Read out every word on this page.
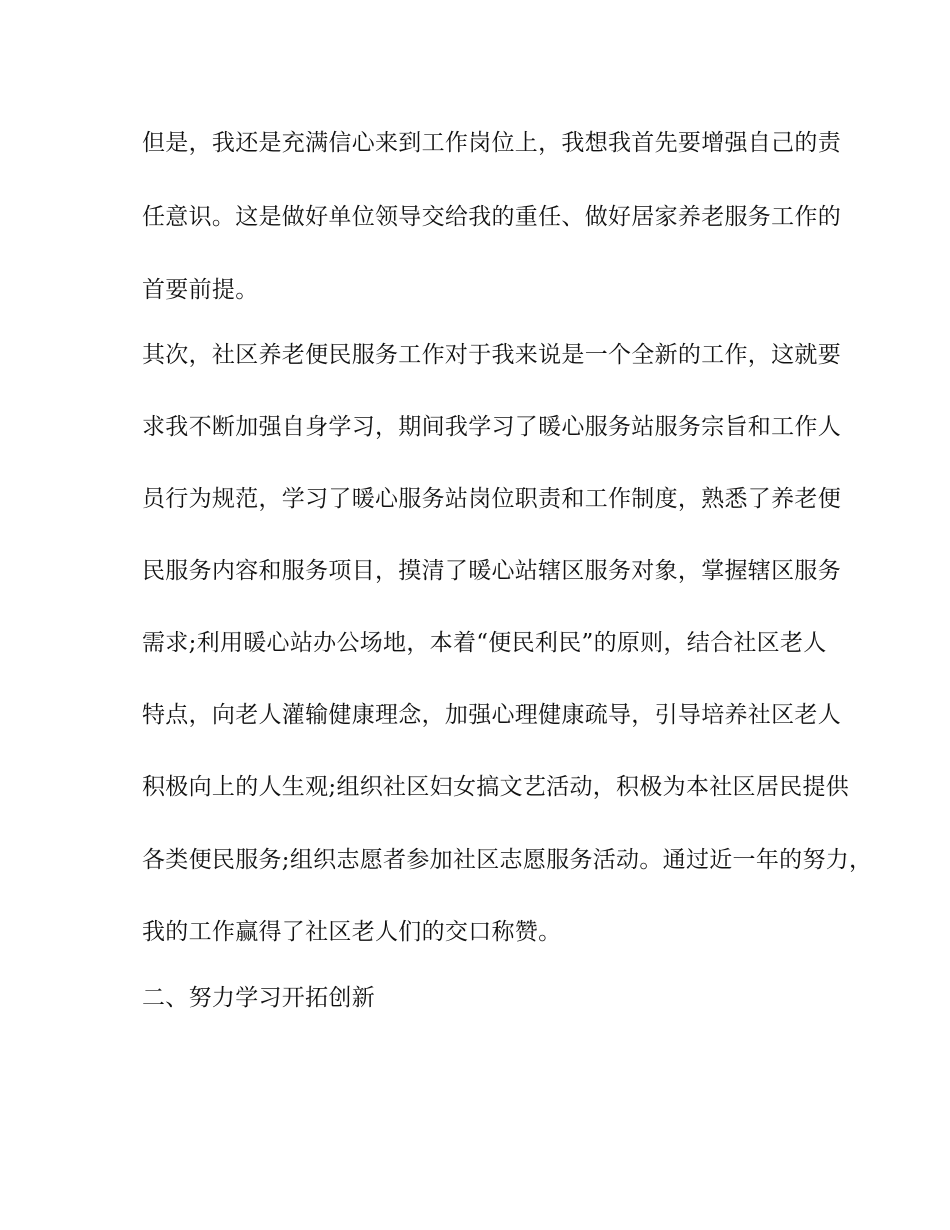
但是，我还是充满信心来到工作岗位上，我想我首先要增强自己的责
任意识。这是做好单位领导交给我的重任、做好居家养老服务工作的
首要前提。
其次，社区养老便民服务工作对于我来说是一个全新的工作，这就要
求我不断加强自身学习，期间我学习了暖心服务站服务宗旨和工作人
员行为规范，学习了暖心服务站岗位职责和工作制度，熟悉了养老便
民服务内容和服务项目，摸清了暖心站辖区服务对象，掌握辖区服务
需求;利用暖心站办公场地，本着“便民利民”的原则，结合社区老人
特点，向老人灌输健康理念，加强心理健康疏导，引导培养社区老人
积极向上的人生观;组织社区妇女搞文艺活动，积极为本社区居民提供
各类便民服务;组织志愿者参加社区志愿服务活动。通过近一年的努力，
我的工作赢得了社区老人们的交口称赞。
二、努力学习开拓创新
